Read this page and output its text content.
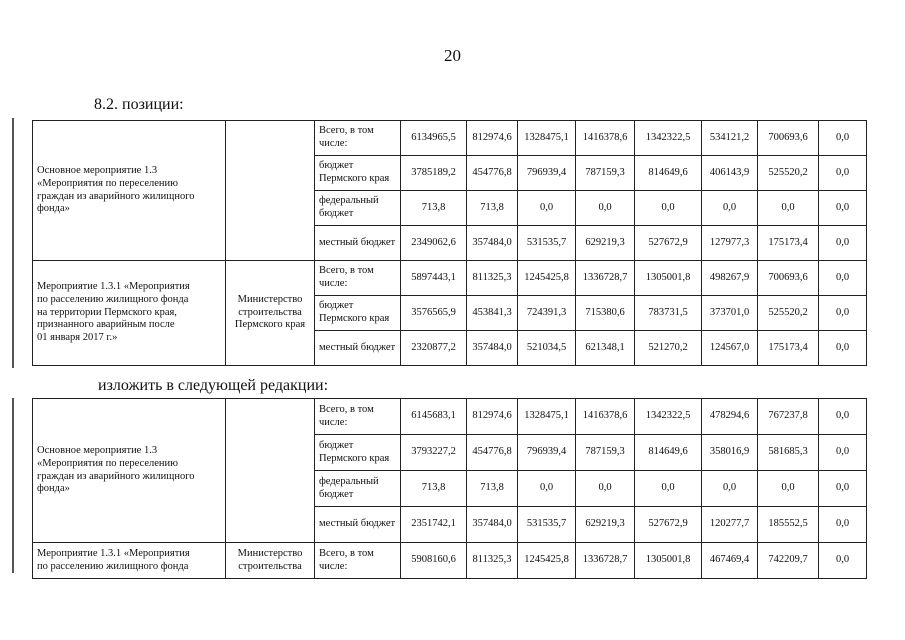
20
8.2. позиции:
Основное мероприятие 1.3
«Мероприятия по переселению
граждан из аварийного жилищного
фонда»		Всего, в том числе:	6134965,5	812974,6	1328475,1	1416378,6	1342322,5	534121,2	700693,6	0,0
		бюджет Пермского края	3785189,2	454776,8	796939,4	787159,3	814649,6	406143,9	525520,2	0,0
		федеральный бюджет	713,8	713,8	0,0	0,0	0,0	0,0	0,0	0,0
		местный бюджет	2349062,6	357484,0	531535,7	629219,3	527672,9	127977,3	175173,4	0,0
Мероприятие 1.3.1 «Мероприятия
по расселению жилищного фонда
на территории Пермского края,
признанного аварийным после
01 января 2017 г.»	Министерство строительства Пермского края	Всего, в том числе:	5897443,1	811325,3	1245425,8	1336728,7	1305001,8	498267,9	700693,6	0,0
		бюджет Пермского края	3576565,9	453841,3	724391,3	715380,6	783731,5	373701,0	525520,2	0,0
		местный бюджет	2320877,2	357484,0	521034,5	621348,1	521270,2	124567,0	175173,4	0,0
изложить в следующей редакции:
Основное мероприятие 1.3
«Мероприятия по переселению
граждан из аварийного жилищного
фонда»		Всего, в том числе:	6145683,1	812974,6	1328475,1	1416378,6	1342322,5	478294,6	767237,8	0,0
		бюджет Пермского края	3793227,2	454776,8	796939,4	787159,3	814649,6	358016,9	581685,3	0,0
		федеральный бюджет	713,8	713,8	0,0	0,0	0,0	0,0	0,0	0,0
		местный бюджет	2351742,1	357484,0	531535,7	629219,3	527672,9	120277,7	185552,5	0,0
Мероприятие 1.3.1 «Мероприятия
по расселению жилищного фонда	Министерство строительства	Всего, в том числе:	5908160,6	811325,3	1245425,8	1336728,7	1305001,8	467469,4	742209,7	0,0
